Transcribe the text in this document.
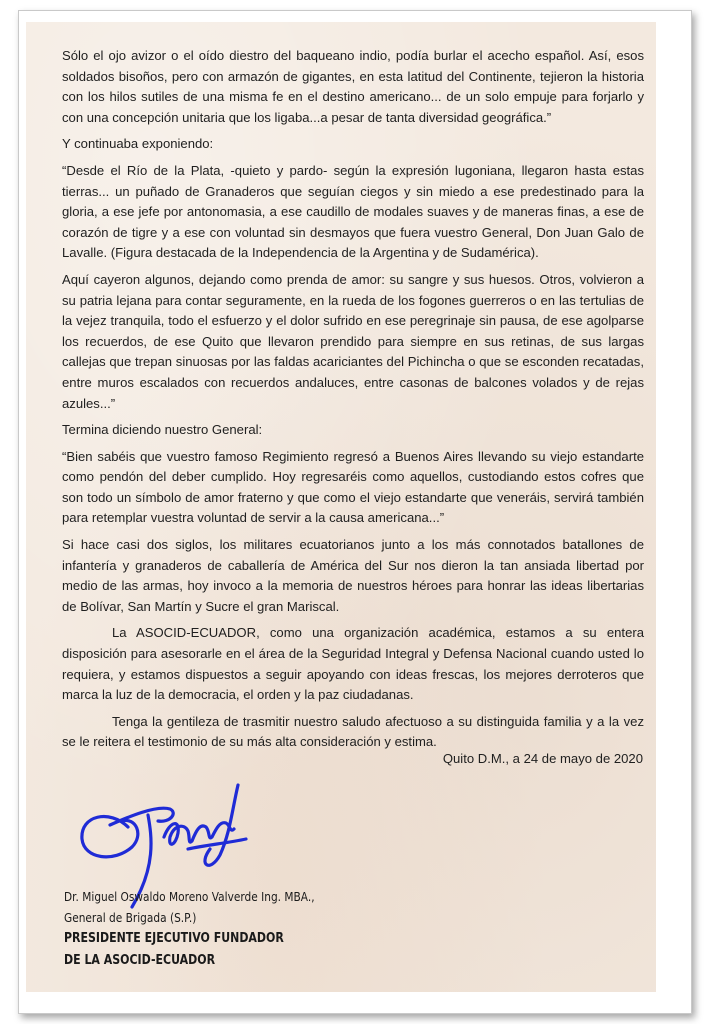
Sólo el ojo avizor o el oído diestro del baqueano indio, podía burlar el acecho español. Así, esos soldados bisoños, pero con armazón de gigantes, en esta latitud del Continente, tejieron la historia con los hilos sutiles de una misma fe en el destino americano... de un solo empuje para forjarlo y con una concepción unitaria que los ligaba...a pesar de tanta diversidad geográfica.”

Y continuaba exponiendo:

“Desde el Río de la Plata, -quieto y pardo- según la expresión lugoniana, llegaron hasta estas tierras... un puñado de Granaderos que seguían ciegos y sin miedo a ese predestinado para la gloria, a ese jefe por antonomasia, a ese caudillo de modales suaves y de maneras finas, a ese de corazón de tigre y a ese con voluntad sin desmayos que fuera vuestro General, Don Juan Galo de Lavalle. (Figura destacada de la Independencia de la Argentina y de Sudamérica).

Aquí cayeron algunos, dejando como prenda de amor: su sangre y sus huesos. Otros, volvieron a su patria lejana para contar seguramente, en la rueda de los fogones guerreros o en las tertulias de la vejez tranquila, todo el esfuerzo y el dolor sufrido en ese peregrinaje sin pausa, de ese agolparse los recuerdos, de ese Quito que llevaron prendido para siempre en sus retinas, de sus largas callejas que trepan sinuosas por las faldas acariciantes del Pichincha o que se esconden recatadas, entre muros escalados con recuerdos andaluces, entre casonas de balcones volados y de rejas azules...”

Termina diciendo nuestro General:

“Bien sabéis que vuestro famoso Regimiento regresó a Buenos Aires llevando su viejo estandarte como pendón del deber cumplido. Hoy regresaréis como aquellos, custodiando estos cofres que son todo un símbolo de amor fraterno y que como el viejo estandarte que veneráis, servirá también para retemplar vuestra voluntad de servir a la causa americana...”

Si hace casi dos siglos, los militares ecuatorianos junto a los más connotados batallones de infantería y granaderos de caballería de América del Sur nos dieron la tan ansiada libertad por medio de las armas, hoy invoco a la memoria de nuestros héroes para honrar las ideas libertarias de Bolívar, San Martín y Sucre el gran Mariscal.

La ASOCID-ECUADOR, como una organización académica, estamos a su entera disposición para asesorarle en el área de la Seguridad Integral y Defensa Nacional cuando usted lo requiera, y estamos dispuestos a seguir apoyando con ideas frescas, los mejores derroteros que marca la luz de la democracia, el orden y la paz ciudadanas.

Tenga la gentileza de trasmitir nuestro saludo afectuoso a su distinguida familia y a la vez se le reitera el testimonio de su más alta consideración y estima.

Quito D.M., a 24 de mayo de 2020
Dr. Miguel Oswaldo Moreno Valverde Ing. MBA.,
General de Brigada (S.P.)
PRESIDENTE EJECUTIVO FUNDADOR
DE LA ASOCID-ECUADOR
